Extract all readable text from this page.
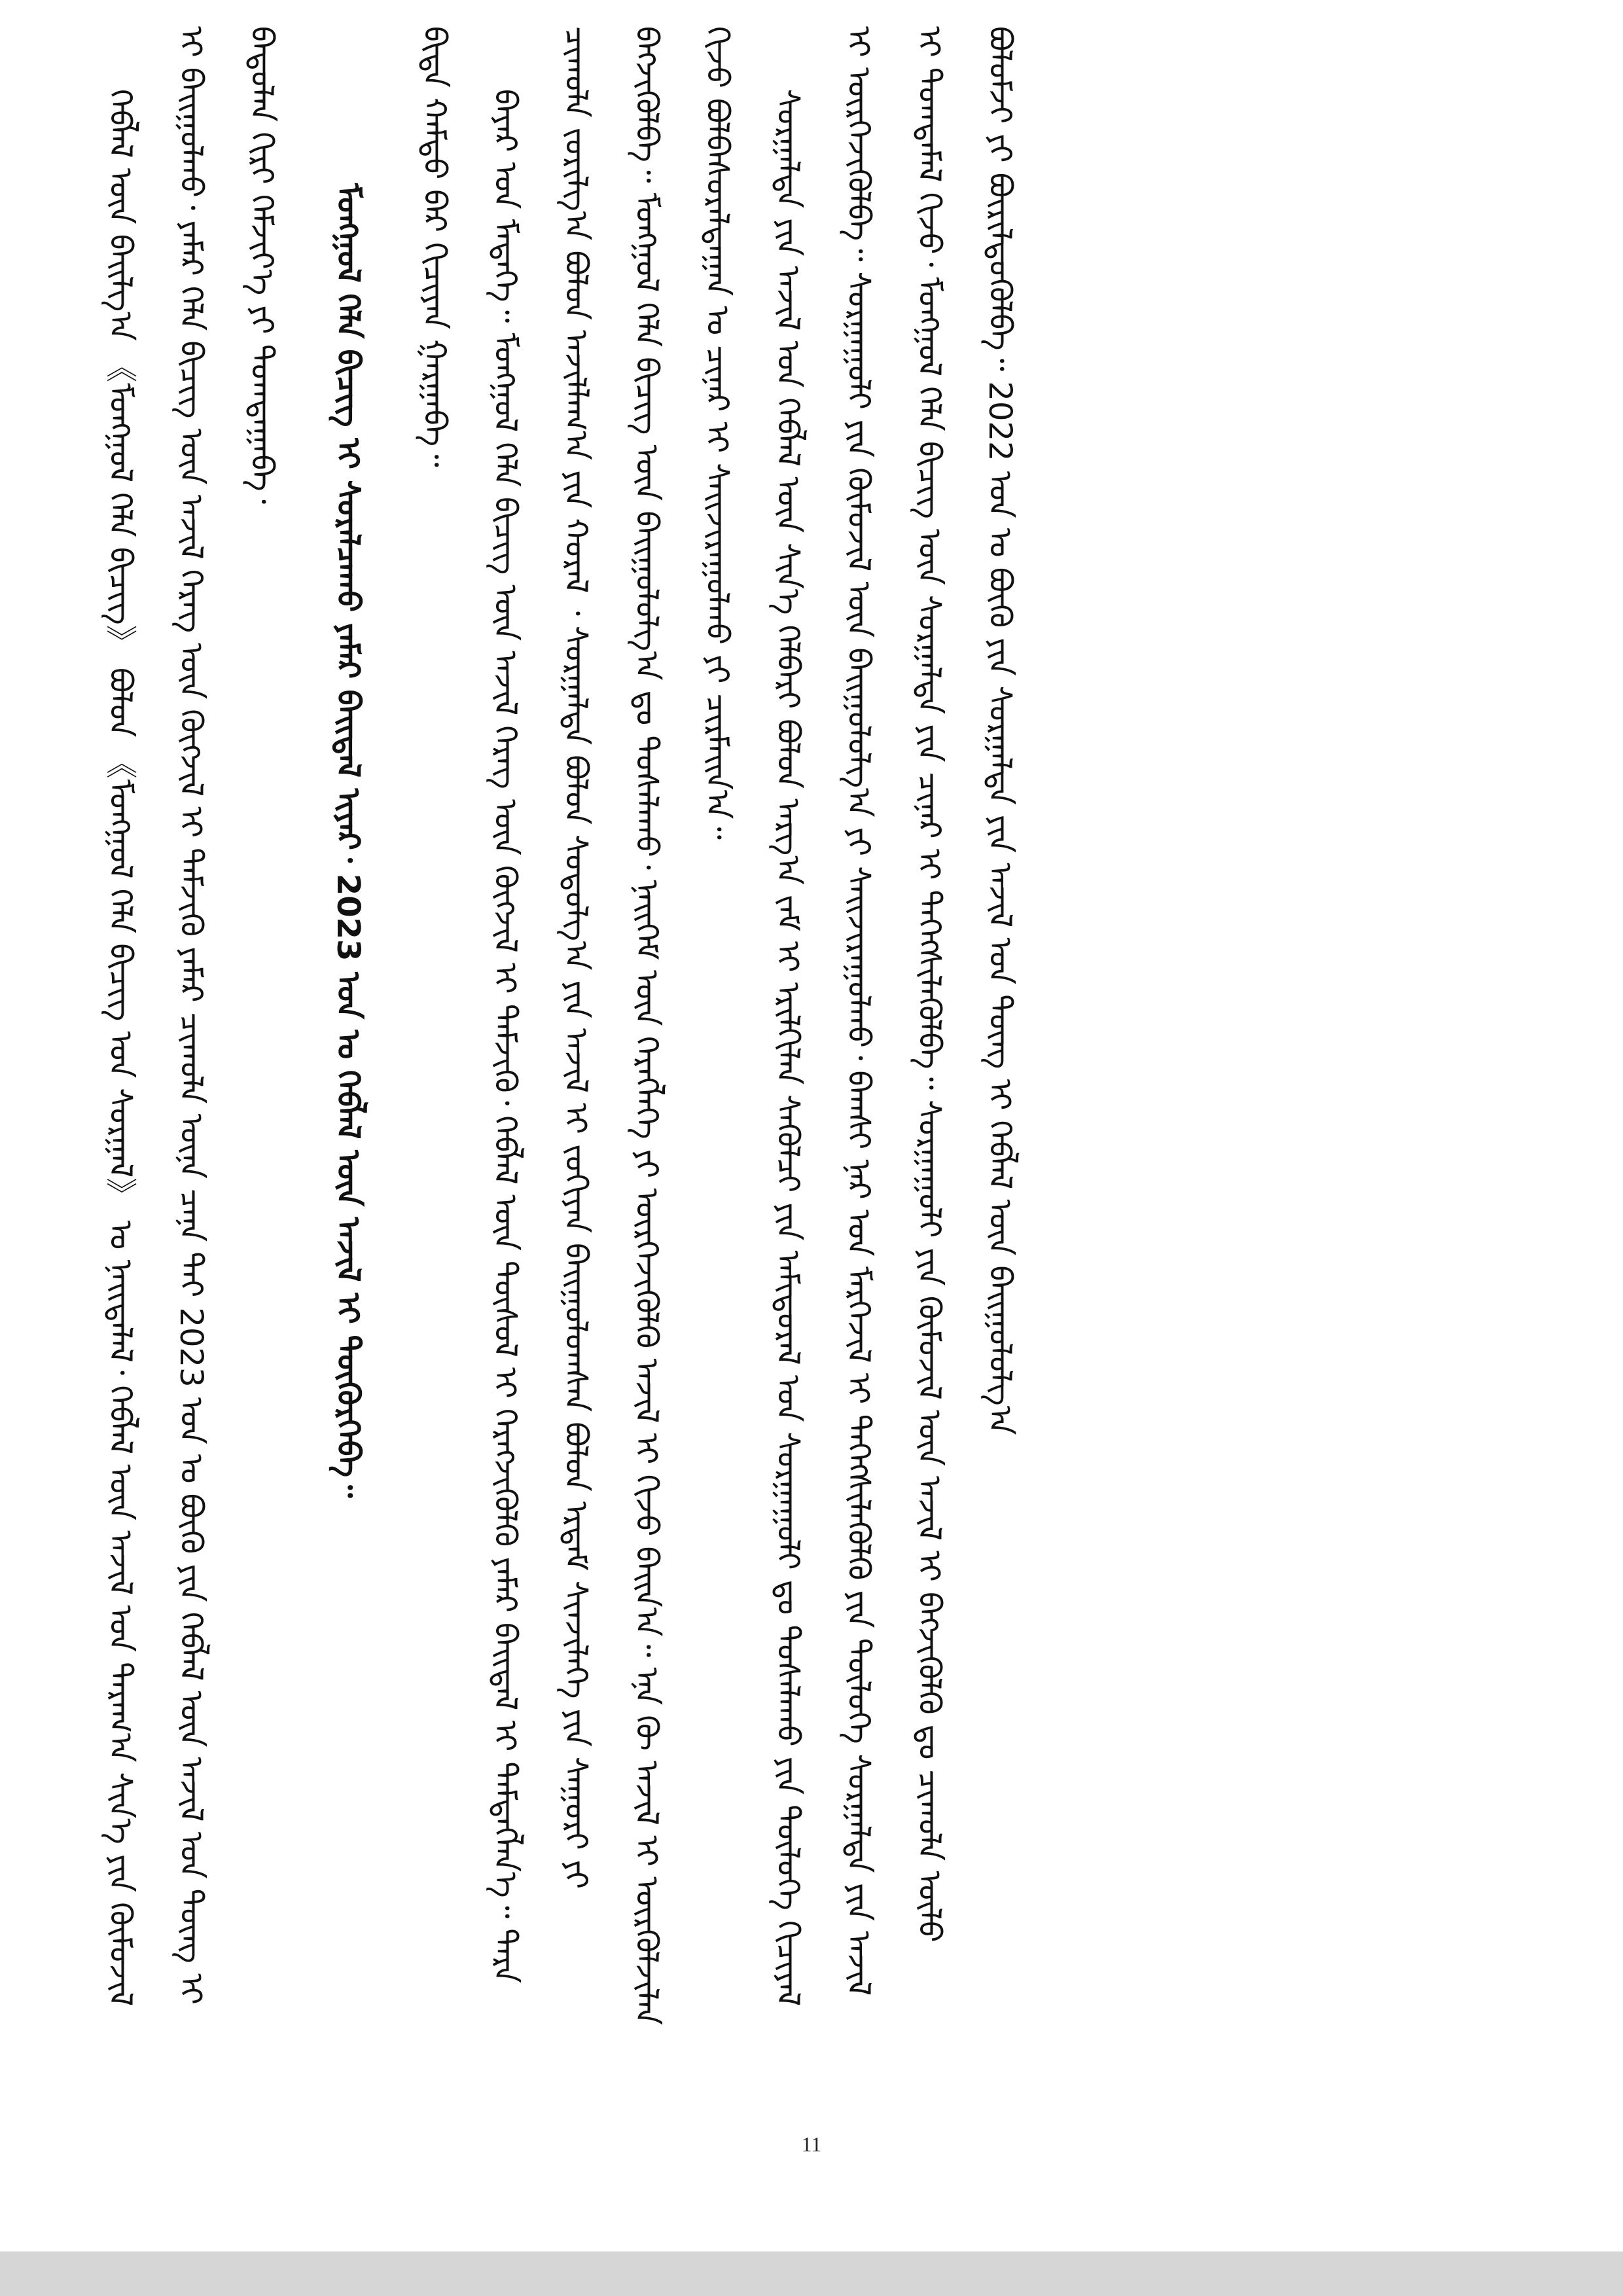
ᠬᠡᠪᠯᠡᠯ ᠦᠨ ᠪᠠᠢᠯᠭ᠎ᠠ 《ᠮᠣᠩᠭᠣᠯ ᠬᠡᠯᠡ ᠪᠢᠴᠢᠭ᠌》 ᠪᠣᠯᠣᠨ 《ᠮᠣᠩᠭᠣᠯ ᠬᠡᠯᠡ ᠪᠢᠴᠢᠭ᠌ ᠤᠨ ᠰᠤᠷᠭᠠᠯ》 ᠤ ᠨᠡᠢᠲᠡᠯᠡᠯ᠂ ᠬᠡᠪᠯᠡᠯ ᠦᠨ ᠠᠵᠢᠯ ᠤᠨ ᠳᠠᠷᠠᠭ᠎ᠠ ᠰᠢᠨ᠎ᠡ ᠶᠢᠨ ᠬᠦᠮᠦᠵᠢᠯ ᠢ ᠪᠠᠢᠭᠤᠯᠬᠤ᠂ ᠶᠠᠮᠠᠷ ᠬᠡᠯᠡ ᠪᠢᠴᠢᠭ᠌ ᠦᠨ ᠠᠵᠢᠯ ᠬᠡᠷᠡᠭ ᠦᠨ ᠬᠥᠭᠵᠢᠯ ᠢ ᠳᠡᠮᠵᠢᠬᠦ ᠶᠠᠮᠠᠷ ᠴᠢᠬᠤᠯᠠ ᠦᠨᠡ ᠴᠡᠨᠡ ᠲᠡᠢ 2023 ᠣᠨ ᠤ ᠪᠦᠬᠦ ᠶᠢᠨ ᠬᠡᠪᠯᠡᠯ ᠦᠨ ᠠᠵᠢᠯ ᠤᠨ ᠳᠦᠩ ᠢ ᠪᠠᠲᠤᠯᠠᠨ ᠬᠢᠷᠢ ᠬᠡᠮᠵᠢᠶ᠎ᠡ ᠶᠢ ᠲᠣᠭᠲᠠᠭᠠᠪᠠ᠂	ᠮᠣᠩᠭᠣᠯ ᠬᠡᠯᠡ ᠪᠢᠴᠢᠭ᠌ ᠢ ᠰᠤᠷᠠᠯᠴᠠᠬᠤ ᠶᠠᠮᠠᠷ ᠪᠠᠢᠳᠠᠯ ᠢᠶᠠᠷ᠂ 2023 ᠣᠨ ᠤ ᠬᠡᠪᠯᠡᠯ ᠦᠨ ᠠᠵᠢᠯ ᠢ ᠳᠦᠭᠦᠷᠭᠡᠪᠡ᠃	ᠪᠢᠳᠡ ᠬᠠᠮᠲᠤ ᠪᠡᠷ ᠬᠢᠴᠢᠶᠡᠨ ᠭᠠᠷᠭᠠᠪᠠ᠃	ᠪᠠᠶᠠᠷ ᠤᠨ ᠮᠡᠳᠡᠭᠡ᠃ ᠮᠣᠩᠭᠣᠯ ᠬᠡᠯᠡ ᠪᠢᠴᠢᠭ᠌ ᠦᠨ ᠠᠵᠢᠯ ᠬᠡᠷᠡᠭ ᠦᠨ ᠬᠥᠭᠵᠢᠯ ᠢ ᠳᠡᠮᠵᠢᠬᠦ᠂ ᠬᠡᠪᠯᠡᠯ ᠦᠨ ᠲᠥᠰᠥᠯ ᠢ ᠬᠡᠷᠡᠭᠵᠢᠭᠦᠯᠬᠦ ᠶᠠᠮᠠᠷ ᠪᠠᠢᠳᠠᠯ ᠢ ᠲᠡᠮᠳᠡᠭᠯᠡᠨ᠎ᠡ᠃ ᠲᠡᠷᠡ ᠴᠢᠬᠤᠯᠠ ᠵᠣᠷᠢᠯᠭ᠎ᠠ ᠪᠣᠯᠤᠨ ᠠᠵᠢᠯᠯᠠᠭ᠎ᠠ ᠶᠢᠨ ᠬᠤᠷᠠᠯ ᠂ ᠰᠤᠷᠭᠠᠯᠲᠠ ᠪᠣᠯᠤᠨ ᠰᠤᠳᠤᠯᠭ᠎ᠠ ᠶᠢᠨ ᠠᠵᠢᠯ ᠢ ᠵᠣᠬᠢᠶᠠᠨ ᠪᠠᠢᠭᠤᠯᠤᠭᠰᠠᠨ ᠪᠣᠯᠤᠨ ᠡᠷᠳᠡᠮ ᠰᠢᠨᠵᠢᠯᠡᠭᠡ ᠶᠢᠨ ᠰᠠᠭᠤᠷᠢ ᠶᠢ ᠪᠡᠬᠵᠢᠭᠦᠯᠪᠡ᠃ ᠮᠣᠩᠭᠣᠯ ᠬᠡᠯᠡ ᠪᠢᠴᠢᠭ᠌ ᠦᠨ ᠪᠠᠢᠭᠤᠯᠤᠯᠭ᠎ᠠ ᠳᠤ ᠲᠤᠰᠠᠯᠠᠬᠤ᠂ ᠨᠡᠢᠭᠡᠮ ᠦᠨ ᠬᠡᠷᠡᠭᠯᠡᠭᠡ ᠶᠢ ᠥᠷᠭᠡᠵᠢᠭᠦᠯᠬᠦ ᠠᠵᠢᠯ ᠢ ᠬᠢᠵᠦ ᠪᠠᠢᠨ᠎ᠠ᠃ ᠡᠨᠡ ᠬᠦ ᠠᠵᠢᠯ ᠢ ᠦᠷᠭᠦᠯᠵᠢᠯᠡᠨ ᠬᠢᠵᠦ ᠪᠣᠯᠪᠠᠰᠤᠷᠠᠯᠳᠠᠭᠠᠨ ᠤ ᠴᠢᠨᠠᠷ ᠢ ᠰᠠᠢᠵᠢᠷᠠᠭᠤᠯᠬᠤ ᠶᠢ ᠴᠢᠷᠮᠠᠢᠨ᠎ᠠ᠃	ᠰᠤᠷᠭᠠᠯᠲᠠ ᠶᠢᠨ ᠠᠵᠢᠯ ᠤᠨ ᠬᠡᠪᠯᠡᠯ ᠦᠨ ᠰᠢᠨ᠎ᠡ ᠬᠡᠯᠪᠡᠷᠢ ᠪᠣᠯᠤᠨ ᠠᠷᠭ᠎ᠠ ᠵᠠᠮ ᠢ ᠡᠷᠢᠯᠬᠢᠯᠡᠨ ᠰᠡᠭᠦᠯᠴᠢ ᠶᠢᠨ ᠠᠮᠢᠳᠤᠷᠠᠯ ᠤᠨ ᠰᠤᠷᠭᠠᠭᠤᠯᠢ ᠳᠤ ᠲᠤᠰᠠᠯᠠᠬᠤ ᠶᠢᠨ ᠲᠥᠯᠥᠭᠡ ᠬᠢᠴᠢᠶᠡᠯ ᠢ ᠥᠷᠭᠡᠵᠢᠭᠦᠯᠪᠡ᠃ ᠰᠤᠷᠭᠠᠭᠤᠯᠢ ᠶᠢᠨ ᠬᠦᠮᠦᠵᠢᠯ ᠦᠨ ᠪᠠᠢᠭᠤᠯᠤᠯᠭ᠎ᠠ ᠶᠢ ᠰᠠᠢᠵᠢᠷᠠᠭᠤᠯᠬᠤ᠂ ᠪᠠᠭᠰᠢ ᠨᠠᠷ ᠤᠨ ᠮᠡᠷᠭᠡᠵᠢᠯ ᠢ ᠳᠡᠭᠡᠭᠰᠢᠯᠡᠭᠦᠯᠬᠦ ᠶᠢᠨ ᠲᠥᠯᠥᠭᠡ ᠰᠤᠷᠭᠠᠯᠲᠠ ᠶᠢᠨ ᠠᠵᠢᠯ ᠢ ᠲᠣᠭᠲᠠᠮᠠᠯ ᠬᠢᠵᠦ᠂ ᠮᠣᠩᠭᠣᠯ ᠬᠡᠯᠡ ᠪᠢᠴᠢᠭ᠌ ᠦᠨ ᠰᠤᠷᠭᠠᠯᠲᠠ ᠶᠢᠨ ᠴᠢᠨᠠᠷ ᠢ ᠳᠡᠭᠡᠭᠰᠢᠯᠡᠭᠦᠯᠪᠡ᠃ ᠰᠤᠷᠭᠠᠭᠤᠯᠢ ᠶᠢᠨ ᠬᠦᠮᠦᠵᠢᠯ ᠦᠨ ᠠᠵᠢᠯ ᠢ ᠪᠡᠬᠵᠢᠭᠦᠯᠬᠦ ᠳᠤ ᠴᠢᠬᠤᠯᠠ ᠦᠯᠦ ᠪᠣᠯᠤᠮᠵᠢ ᠶᠢ ᠪᠦᠷᠢᠯᠳᠦᠭᠦᠯᠪᠡ᠃ 2022 ᠣᠨ ᠤ ᠪᠦᠬᠦ ᠶᠢᠨ ᠰᠤᠷᠭᠠᠯᠲᠠ ᠶᠢᠨ ᠠᠵᠢᠯ ᠤᠨ ᠳᠦᠩ ᠢ ᠬᠡᠪᠯᠡᠯ ᠦᠨ ᠪᠠᠢᠭᠤᠯᠤᠯᠭ᠎ᠠ

11
